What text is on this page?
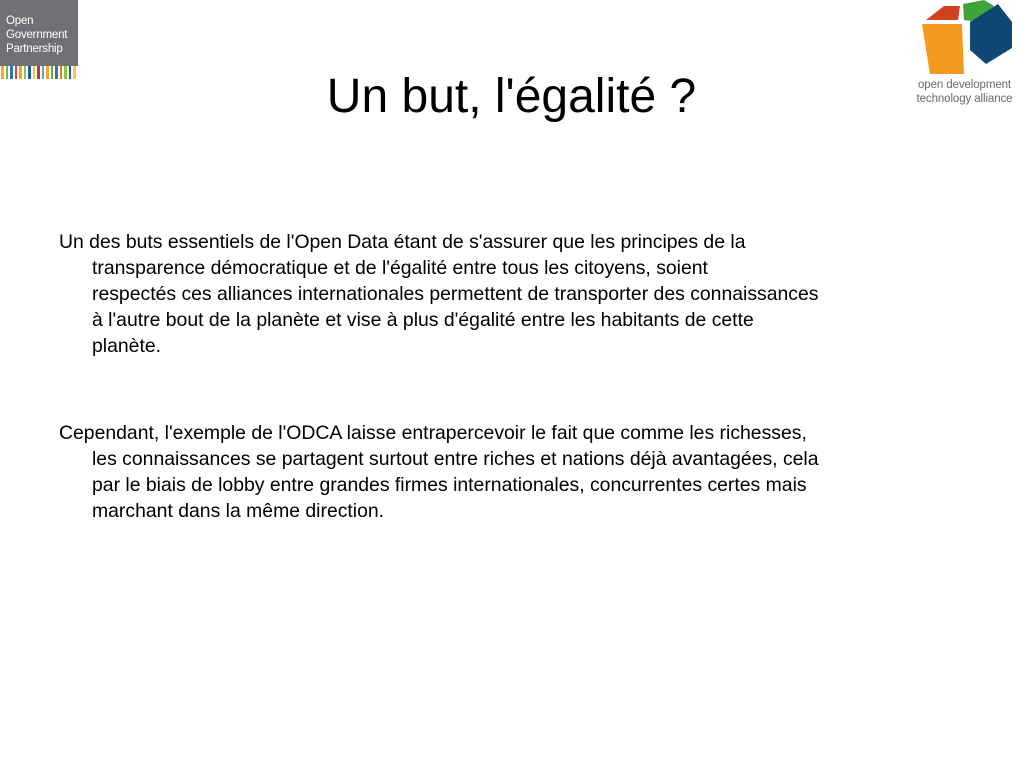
Open
Government
Partnership
open development
technology alliance
Un but, l'égalité ?
Un des buts essentiels de l'Open Data étant de s'assurer que les principes de la
transparence démocratique et de l'égalité entre tous les citoyens, soient
respectés ces alliances internationales permettent de transporter des connaissances
à l'autre bout de la planète et vise à plus d'égalité entre les habitants de cette
planète.
Cependant, l'exemple de l'ODCA laisse entrapercevoir le fait que comme les richesses,
les connaissances se partagent surtout entre riches et nations déjà avantagées, cela
par le biais de lobby entre grandes firmes internationales, concurrentes certes mais
marchant dans la même direction.
